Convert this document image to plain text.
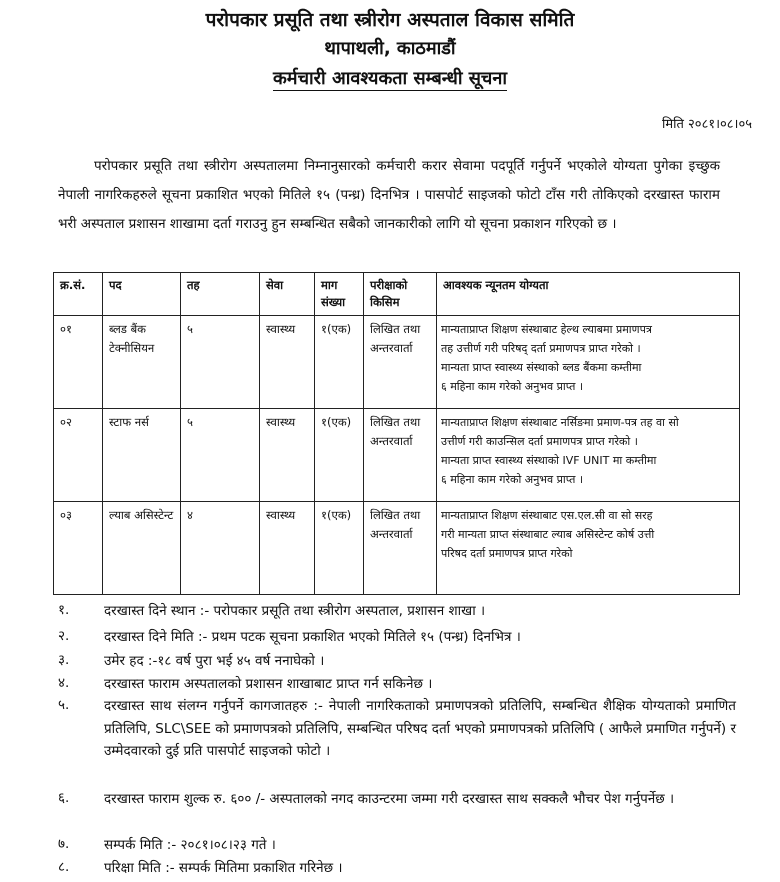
परोपकार प्रसूति तथा स्त्रीरोग अस्पताल विकास समिति
थापाथली, काठमाडौं
कर्मचारी आवश्यकता सम्बन्धी सूचना
मिति २०८१।०८।०५
परोपकार प्रसूति तथा स्त्रीरोग अस्पतालमा निम्नानुसारको कर्मचारी करार सेवामा पदपूर्ति गर्नुपर्ने भएकोले योग्यता पुगेका इच्छुक नेपाली नागरिकहरुले सूचना प्रकाशित भएको मितिले १५ (पन्ध्र) दिनभित्र । पासपोर्ट साइजको फोटो टाँस गरी तोकिएको दरखास्त फाराम भरी अस्पताल प्रशासन शाखामा दर्ता गराउनु हुन सम्बन्धित सबैको जानकारीको लागि यो सूचना प्रकाशन गरिएको छ ।
क्र.सं.	पद	तह	सेवा	माग संख्या	परीक्षाको किसिम	आवश्यक न्यूनतम योग्यता
०१	ब्लड बैंक टेक्नीसियन	५	स्वास्थ्य	१(एक)	लिखित तथा अन्तरवार्ता	मान्यताप्राप्त शिक्षण संस्थाबाट हेल्थ ल्याबमा प्रमाणपत्र
तह उत्तीर्ण गरी परिषद् दर्ता प्रमाणपत्र प्राप्त गरेको ।
मान्यता प्राप्त स्वास्थ्य संस्थाको ब्लड बैंकमा कम्तीमा
६ महिना काम गरेको अनुभव प्राप्त ।

०२	स्टाफ नर्स	५	स्वास्थ्य	१(एक)	लिखित तथा अन्तरवार्ता	मान्यताप्राप्त शिक्षण संस्थाबाट नर्सिङमा प्रमाण-पत्र तह वा सो
उत्तीर्ण गरी काउन्सिल दर्ता प्रमाणपत्र प्राप्त गरेको ।
मान्यता प्राप्त स्वास्थ्य संस्थाको IVF UNIT मा कम्तीमा
६ महिना काम गरेको अनुभव प्राप्त ।

०३	ल्याब असिस्टेन्ट	४	स्वास्थ्य	१(एक)	लिखित तथा अन्तरवार्ता	मान्यताप्राप्त शिक्षण संस्थाबाट एस.एल.सी वा सो सरह
गरी मान्यता प्राप्त संस्थाबाट ल्याब असिस्टेन्ट कोर्ष उत्ती
परिषद दर्ता प्रमाणपत्र प्राप्त गरेको
१.	दरखास्त दिने स्थान :- परोपकार प्रसूति तथा स्त्रीरोग अस्पताल, प्रशासन शाखा ।
२.	दरखास्त दिने मिति :- प्रथम पटक सूचना प्रकाशित भएको मितिले १५ (पन्ध्र) दिनभित्र ।
३.	उमेर हद :-१८ वर्ष पुरा भई ४५ वर्ष ननाघेको ।
४.	दरखास्त फाराम अस्पतालको प्रशासन शाखाबाट प्राप्त गर्न सकिनेछ ।
५.	दरखास्त साथ संलग्न गर्नुपर्ने कागजातहरु :- नेपाली नागरिकताको प्रमाणपत्रको प्रतिलिपि, सम्बन्धित शैक्षिक योग्यताको प्रमाणित प्रतिलिपि, SLC\SEE को प्रमाणपत्रको प्रतिलिपि, सम्बन्धित परिषद दर्ता भएको प्रमाणपत्रको प्रतिलिपि ( आफैले प्रमाणित गर्नुपर्ने) र उम्मेदवारको दुई प्रति पासपोर्ट साइजको फोटो ।
६.	दरखास्त फाराम शुल्क रु. ६०० /- अस्पतालको नगद काउन्टरमा जम्मा गरी दरखास्त साथ सक्कलै भौचर पेश गर्नुपर्नेछ ।
७.	सम्पर्क मिति :- २०८१।०८।२३ गते ।
८.	परिक्षा मिति :- सम्पर्क मितिमा प्रकाशित गरिनेछ ।
